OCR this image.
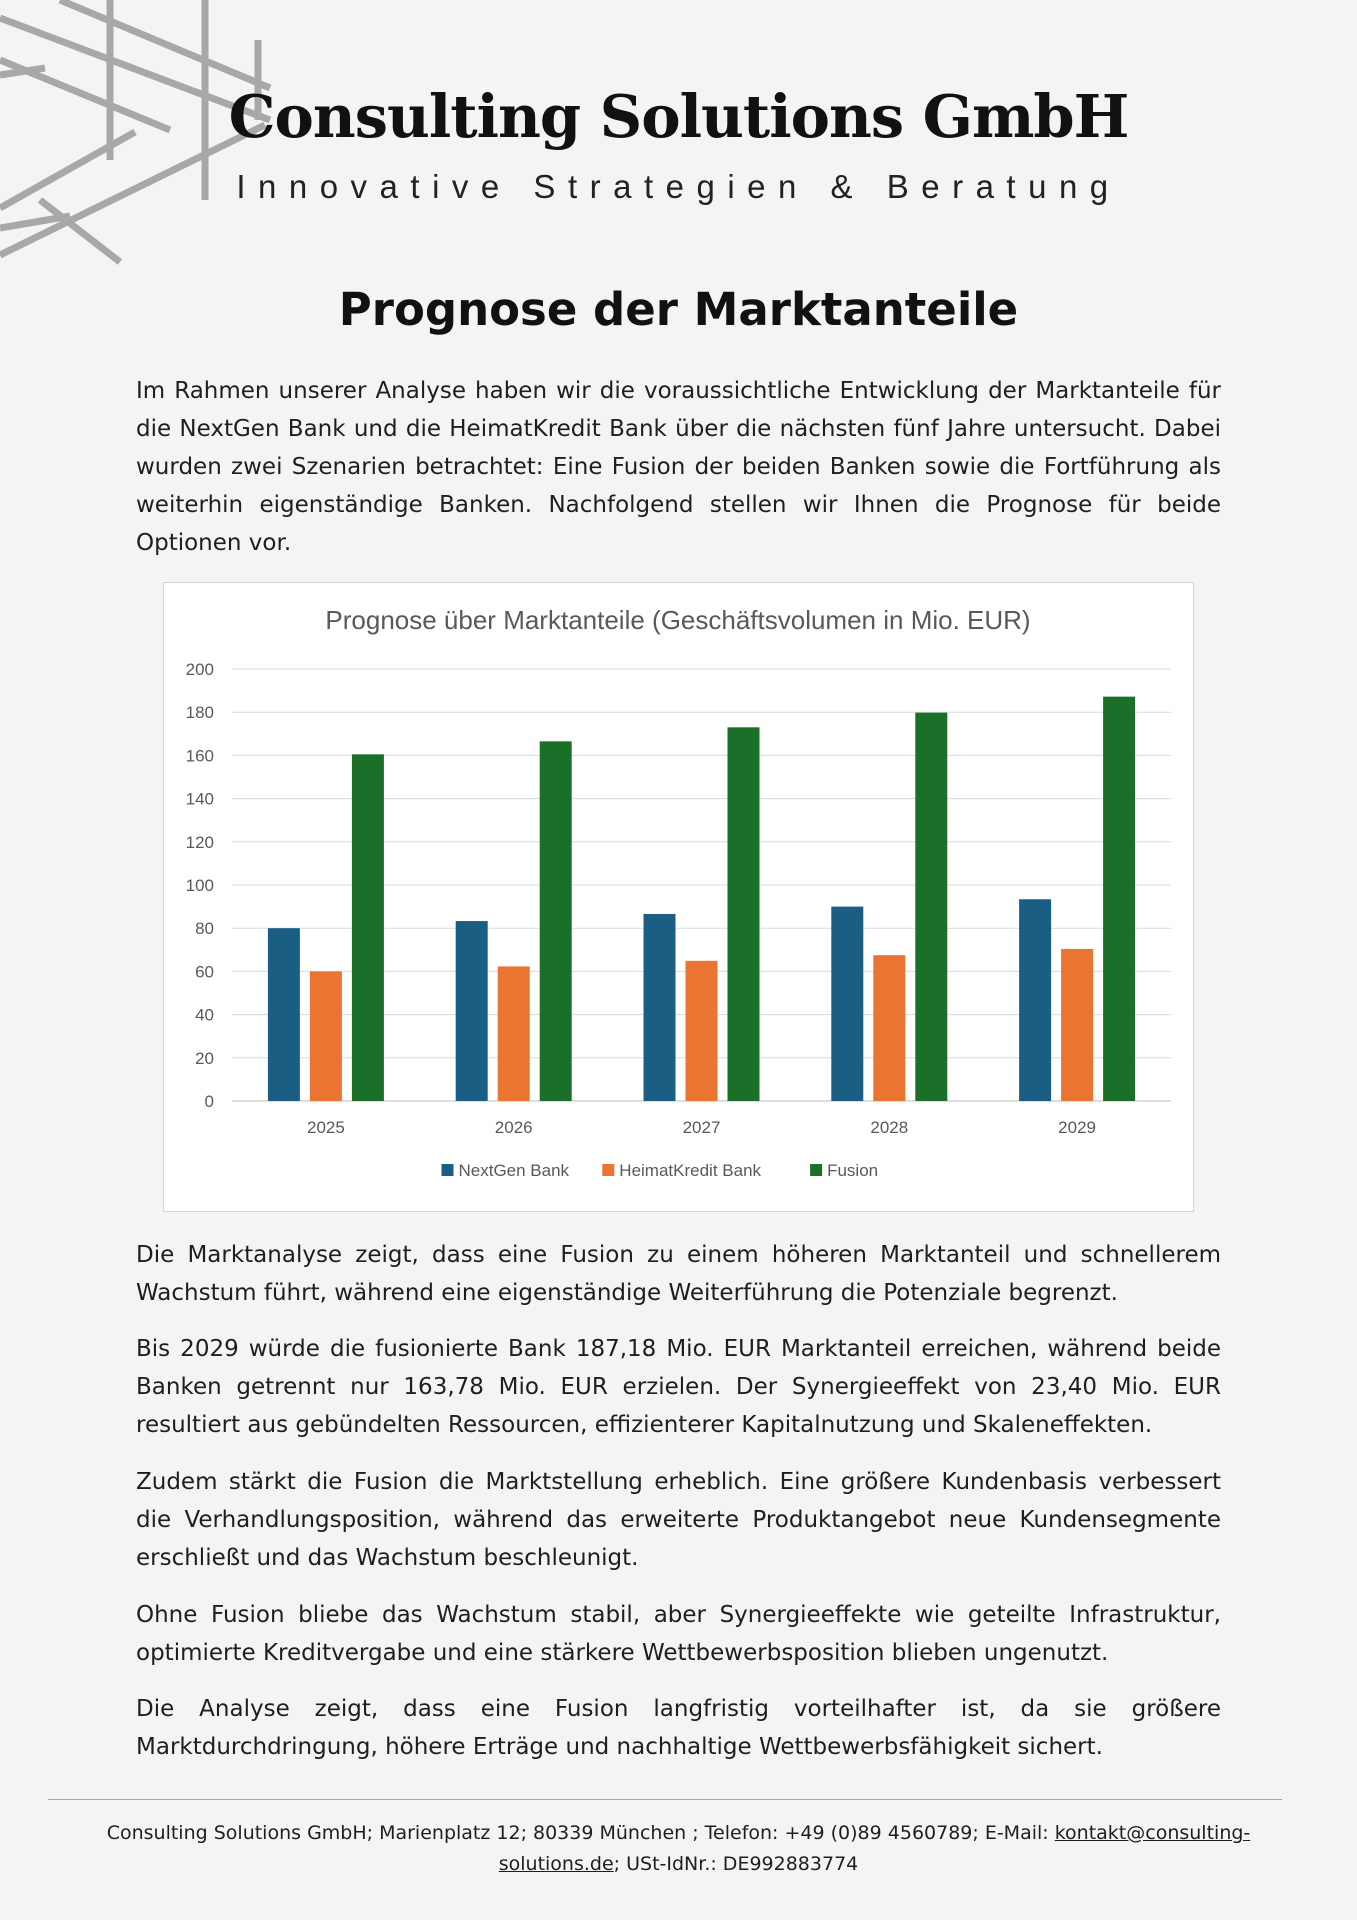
Consulting Solutions GmbH

Innovative Strategien & Beratung

Prognose der Marktanteile

Im Rahmen unserer Analyse haben wir die voraussichtliche Entwicklung der Marktanteile für die NextGen Bank und die HeimatKredit Bank über die nächsten fünf Jahre untersucht. Dabei wurden zwei Szenarien betrachtet: Eine Fusion der beiden Banken sowie die Fortführung als weiterhin eigenständige Banken. Nachfolgend stellen wir Ihnen die Prognose für beide Optionen vor.

Prognose über Marktanteile (Geschäftsvolumen in Mio. EUR)
0
20
40
60
80
100
120
140
160
180
200
2025	2026	2027	2028	2029
NextGen Bank	HeimatKredit Bank	Fusion

Die Marktanalyse zeigt, dass eine Fusion zu einem höheren Marktanteil und schnellerem Wachstum führt, während eine eigenständige Weiterführung die Potenziale begrenzt.

Bis 2029 würde die fusionierte Bank 187,18 Mio. EUR Marktanteil erreichen, während beide Banken getrennt nur 163,78 Mio. EUR erzielen. Der Synergieeffekt von 23,40 Mio. EUR resultiert aus gebündelten Ressourcen, effizienterer Kapitalnutzung und Skaleneffekten.

Zudem stärkt die Fusion die Marktstellung erheblich. Eine größere Kundenbasis verbessert die Verhandlungsposition, während das erweiterte Produktangebot neue Kundensegmente erschließt und das Wachstum beschleunigt.

Ohne Fusion bliebe das Wachstum stabil, aber Synergieeffekte wie geteilte Infrastruktur, optimierte Kreditvergabe und eine stärkere Wettbewerbsposition blieben ungenutzt.

Die Analyse zeigt, dass eine Fusion langfristig vorteilhafter ist, da sie größere Marktdurchdringung, höhere Erträge und nachhaltige Wettbewerbsfähigkeit sichert.

Consulting Solutions GmbH; Marienplatz 12; 80339 München ; Telefon: +49 (0)89 4560789; E-Mail: kontakt@consulting-solutions.de; USt-IdNr.: DE992883774
